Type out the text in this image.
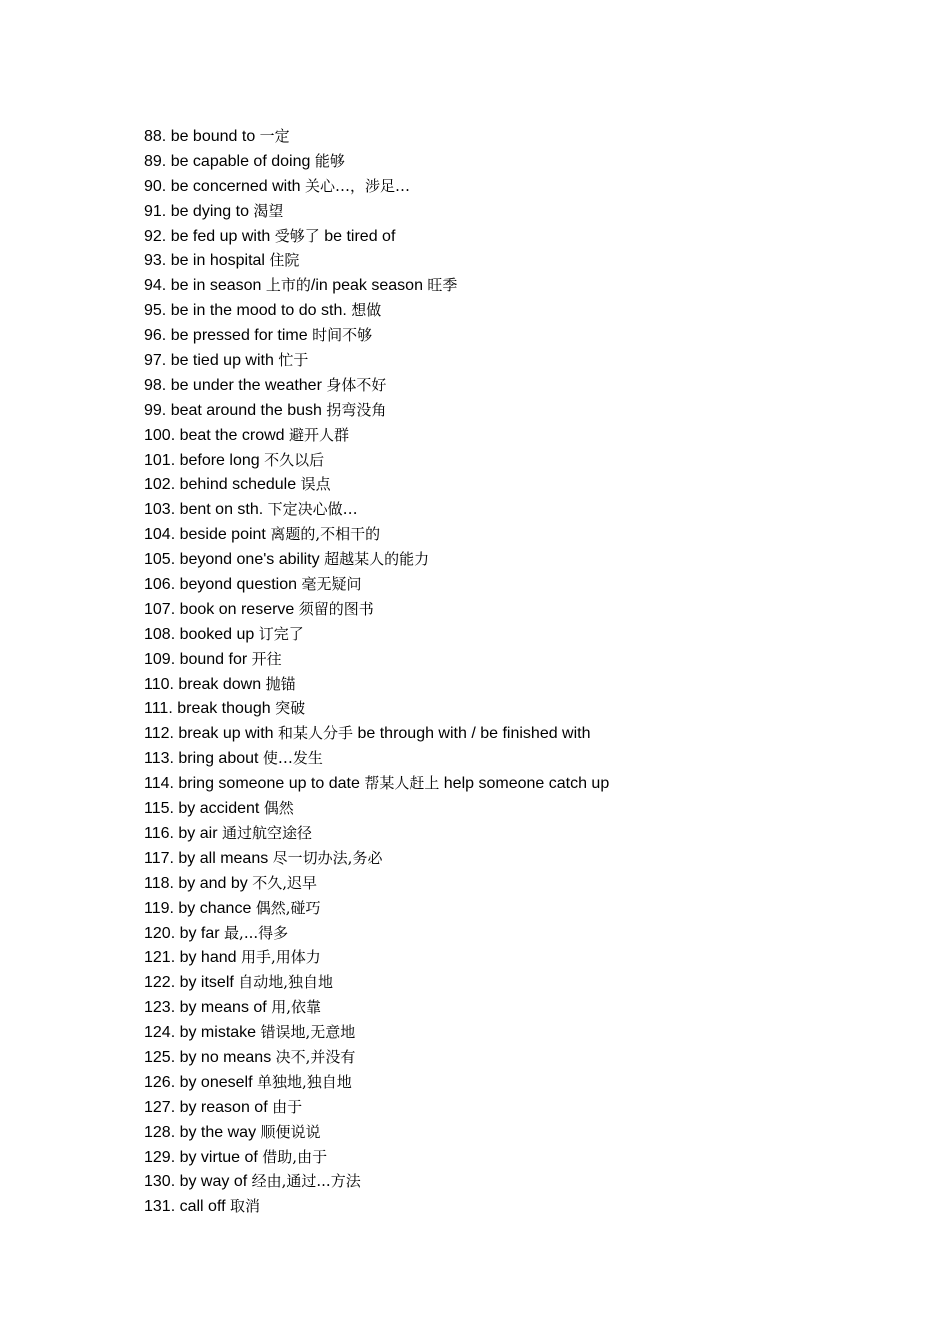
88. be bound to 一定
89. be capable of doing 能够
90. be concerned with 关心…，涉足…
91. be dying to 渴望
92. be fed up with 受够了 be tired of
93. be in hospital 住院
94. be in season 上市的/in peak season 旺季
95. be in the mood to do sth. 想做
96. be pressed for time 时间不够
97. be tied up with 忙于
98. be under the weather 身体不好
99. beat around the bush 拐弯没角
100. beat the crowd 避开人群
101. before long 不久以后
102. behind schedule 误点
103. bent on sth. 下定决心做…
104. beside point 离题的,不相干的
105. beyond one's ability 超越某人的能力
106. beyond question 毫无疑问
107. book on reserve 须留的图书
108. booked up 订完了
109. bound for 开往
110. break down 抛锚
111. break though 突破
112. break up with 和某人分手 be through with / be finished with
113. bring about 使…发生
114. bring someone up to date 帮某人赶上 help someone catch up
115. by accident 偶然
116. by air 通过航空途径
117. by all means 尽一切办法,务必
118. by and by 不久,迟早
119. by chance 偶然,碰巧
120. by far 最,...得多
121. by hand 用手,用体力
122. by itself 自动地,独自地
123. by means of 用,依靠
124. by mistake 错误地,无意地
125. by no means 决不,并没有
126. by oneself 单独地,独自地
127. by reason of 由于
128. by the way 顺便说说
129. by virtue of 借助,由于
130. by way of 经由,通过...方法
131. call off 取消
